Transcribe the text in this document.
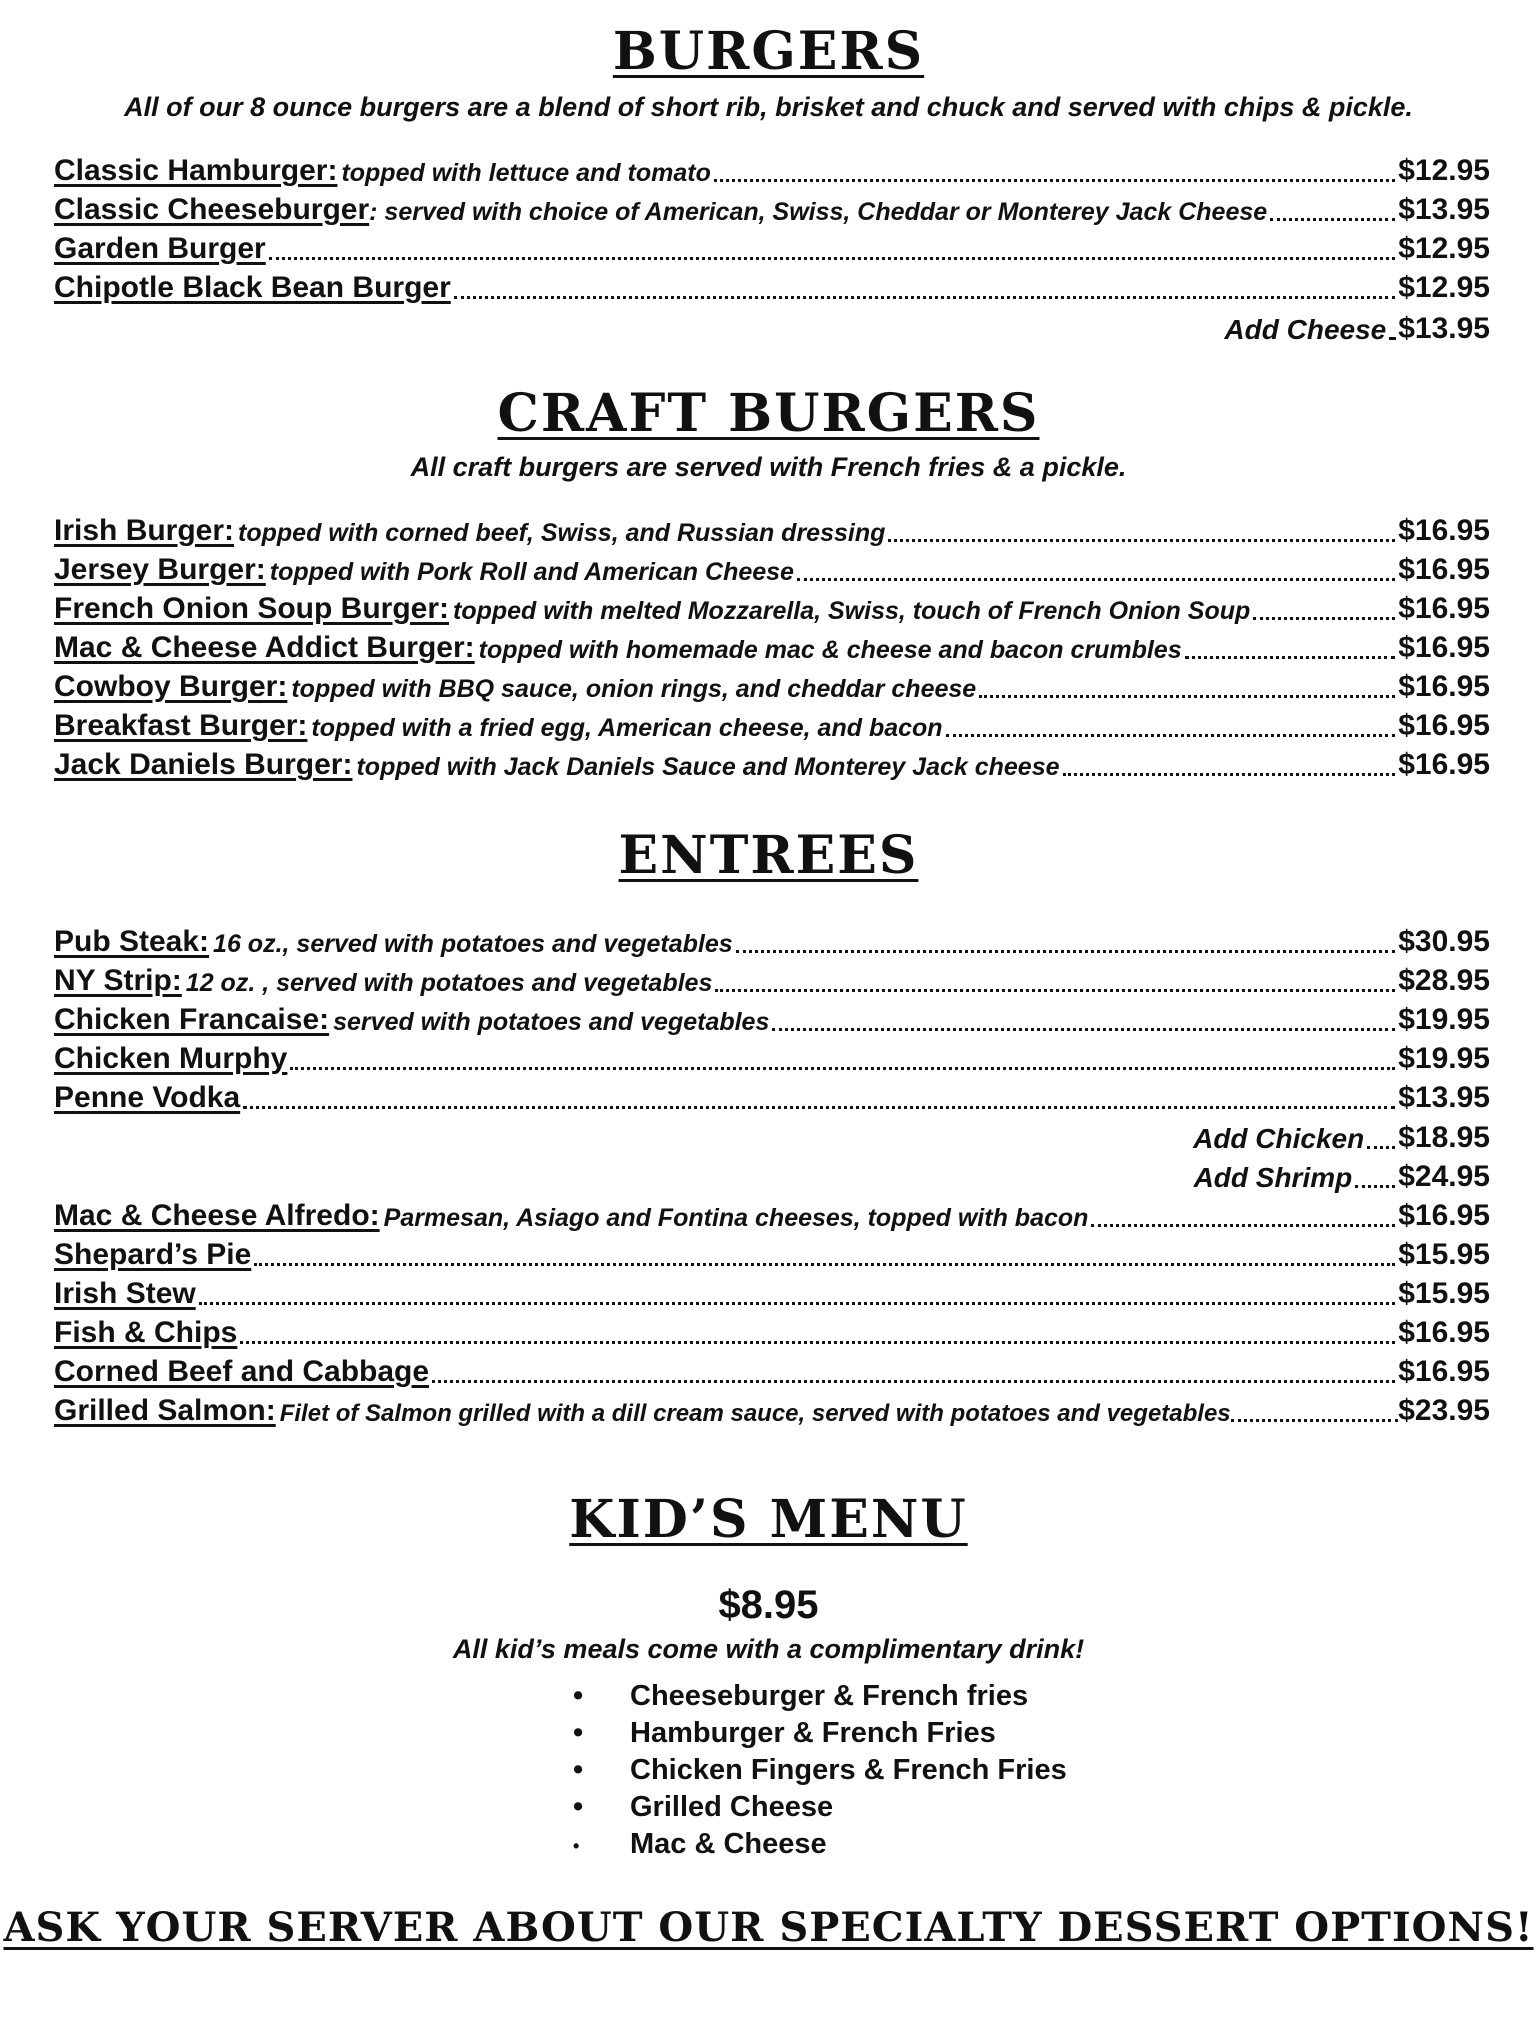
BURGERS
All of our 8 ounce burgers are a blend of short rib, brisket and chuck and served with chips & pickle.
Classic Hamburger: topped with lettuce and tomato	$12.95
Classic Cheeseburger : served with choice of American, Swiss, Cheddar or Monterey Jack Cheese	$13.95
Garden Burger	$12.95
Chipotle Black Bean Burger	$12.95
Add Cheese $13.95
CRAFT BURGERS
All craft burgers are served with French fries & a pickle.
Irish Burger: topped with corned beef, Swiss, and Russian dressing	$16.95
Jersey Burger: topped with Pork Roll and American Cheese	$16.95
French Onion Soup Burger: topped with melted Mozzarella, Swiss, touch of French Onion Soup	$16.95
Mac & Cheese Addict Burger: topped with homemade mac & cheese and bacon crumbles	$16.95
Cowboy Burger: topped with BBQ sauce, onion rings, and cheddar cheese	$16.95
Breakfast Burger: topped with a fried egg, American cheese, and bacon	$16.95
Jack Daniels Burger: topped with Jack Daniels Sauce and Monterey Jack cheese	$16.95
ENTREES
Pub Steak: 16 oz., served with potatoes and vegetables	$30.95
NY Strip: 12 oz. , served with potatoes and vegetables	$28.95
Chicken Francaise: served with potatoes and vegetables	$19.95
Chicken Murphy	$19.95
Penne Vodka	$13.95
Add Chicken $18.95
Add Shrimp $24.95
Mac & Cheese Alfredo: Parmesan, Asiago and Fontina cheeses, topped with bacon	$16.95
Shepard’s Pie	$15.95
Irish Stew	$15.95
Fish & Chips	$16.95
Corned Beef and Cabbage	$16.95
Grilled Salmon: Filet of Salmon grilled with a dill cream sauce, served with potatoes and vegetables	$23.95
KID’S MENU
$8.95
All kid’s meals come with a complimentary drink!
• Cheeseburger & French fries
• Hamburger & French Fries
• Chicken Fingers & French Fries
• Grilled Cheese
• Mac & Cheese
ASK YOUR SERVER ABOUT OUR SPECIALTY DESSERT OPTIONS!
